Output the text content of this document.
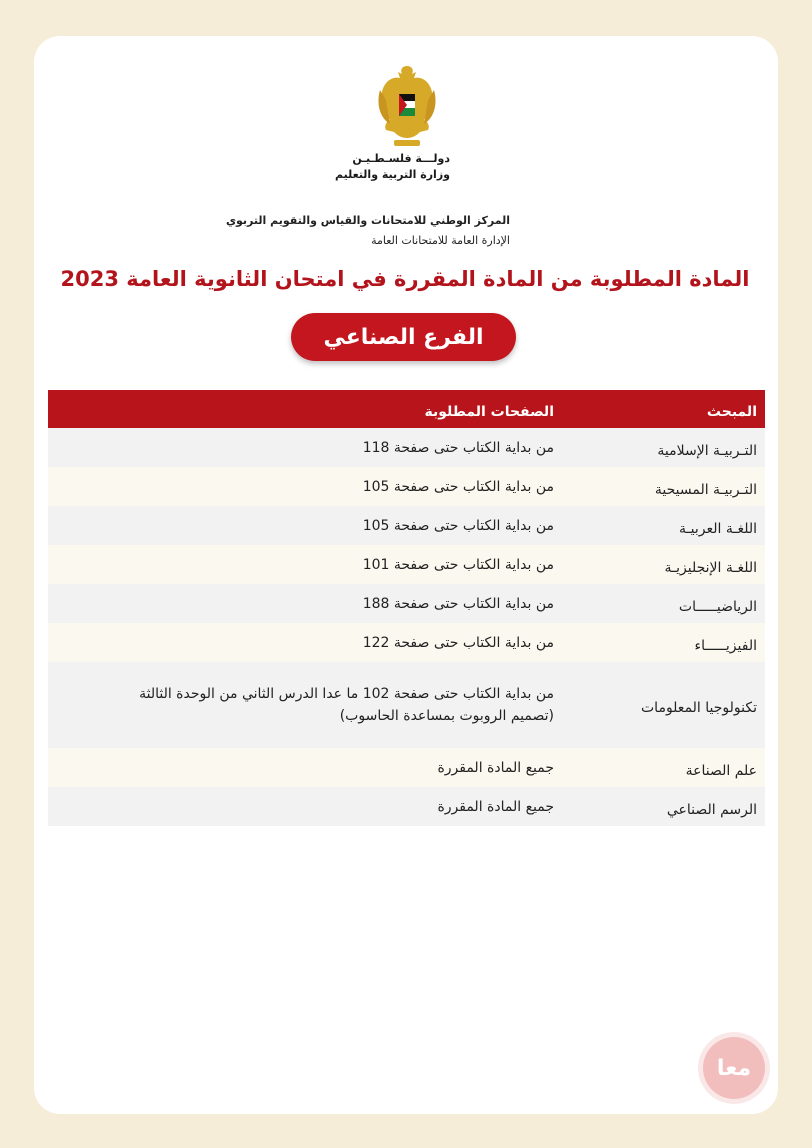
دولـــة فلسـطـيـن
وزارة التربية والتعليم
المركز الوطني للامتحانات والقياس والتقويم التربوي
الإدارة العامة للامتحانات العامة
المادة المطلوبة من المادة المقررة في امتحان الثانوية العامة 2023
الفرع الصناعي
المبحث
الصفحات المطلوبة
التـربيـة الإسلامية
من بداية الكتاب حتى صفحة 118
التـربيـة المسيحية
من بداية الكتاب حتى صفحة 105
اللغـة العربيـة
من بداية الكتاب حتى صفحة 105
اللغـة الإنجليزيـة
من بداية الكتاب حتى صفحة 101
الرياضيـــــات
من بداية الكتاب حتى صفحة 188
الفيزيـــــاء
من بداية الكتاب حتى صفحة 122
تكنولوجيا المعلومات
من بداية الكتاب حتى صفحة 102 ما عدا الدرس الثاني من الوحدة الثالثة
(تصميم الروبوت بمساعدة الحاسوب)
علم الصناعة
جميع المادة المقررة
الرسم الصناعي
جميع المادة المقررة
معا
